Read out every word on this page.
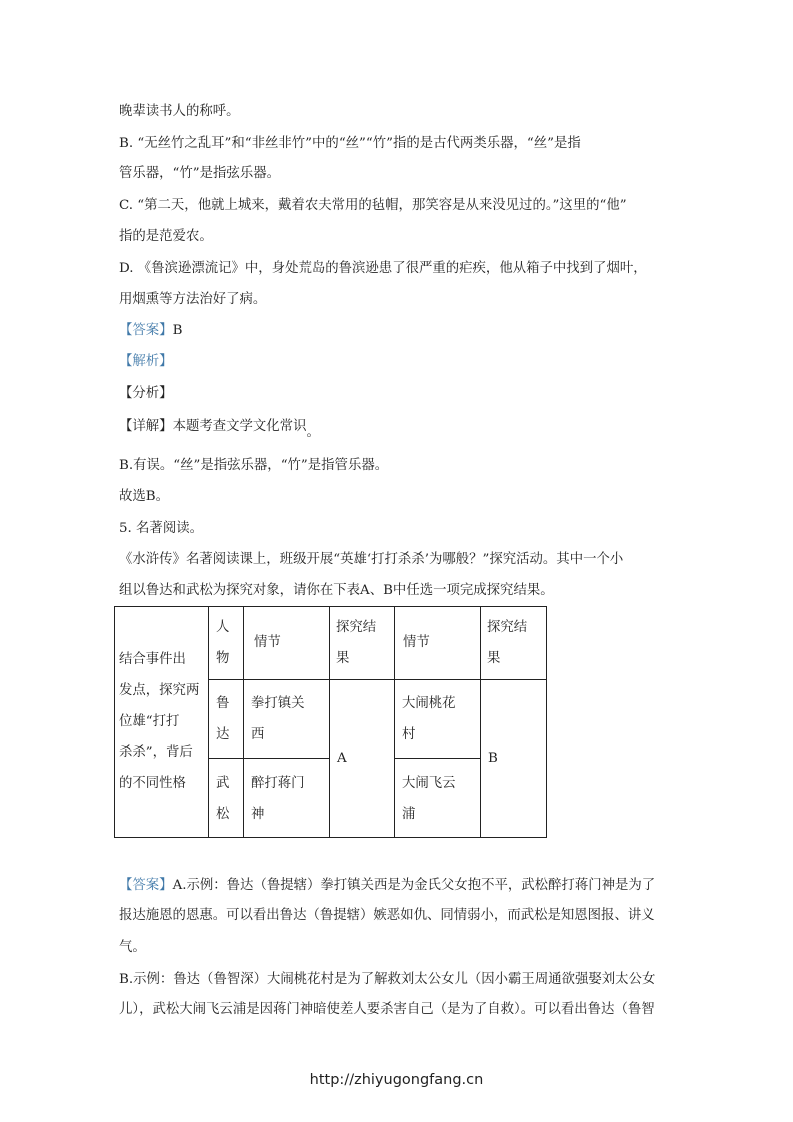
晚辈读书人的称呼。
B. “无丝竹之乱耳”和“非丝非竹”中的“丝”“竹”指的是古代两类乐器，“丝”是指
管乐器，“竹”是指弦乐器。
C. “第二天，他就上城来，戴着农夫常用的毡帽，那笑容是从来没见过的。”这里的“他”
指的是范爱农。
D. 《鲁滨逊漂流记》中，身处荒岛的鲁滨逊患了很严重的疟疾，他从箱子中找到了烟叶，
用烟熏等方法治好了病。
【答案】B
【解析】
【分析】
【详解】本题考查文学文化常识。
B.有误。“丝”是指弦乐器，“竹”是指管乐器。
故选B。
5. 名著阅读。
《水浒传》名著阅读课上，班级开展“英雄‘打打杀杀’为哪般？”探究活动。其中一个小
组以鲁达和武松为探究对象，请你在下表A、B中任选一项完成探究结果。
结合事件出
发点，探究两
位雄“打打
杀杀”，背后
的不同性格
人
物
情节
探究结
果
情节
探究结
果
鲁
达
拳打镇关
西
大闹桃花
村
武
松
醉打蒋门
神
大闹飞云
浦
A	B
【答案】A.示例：鲁达（鲁提辖）拳打镇关西是为金氏父女抱不平，武松醉打蒋门神是为了
报达施恩的恩惠。可以看出鲁达（鲁提辖）嫉恶如仇、同情弱小，而武松是知恩图报、讲义
气。
B.示例：鲁达（鲁智深）大闹桃花村是为了解救刘太公女儿（因小霸王周通欲强娶刘太公女
儿），武松大闹飞云浦是因蒋门神暗使差人要杀害自己（是为了自救）。可以看出鲁达（鲁智
http://zhiyugongfang.cn
